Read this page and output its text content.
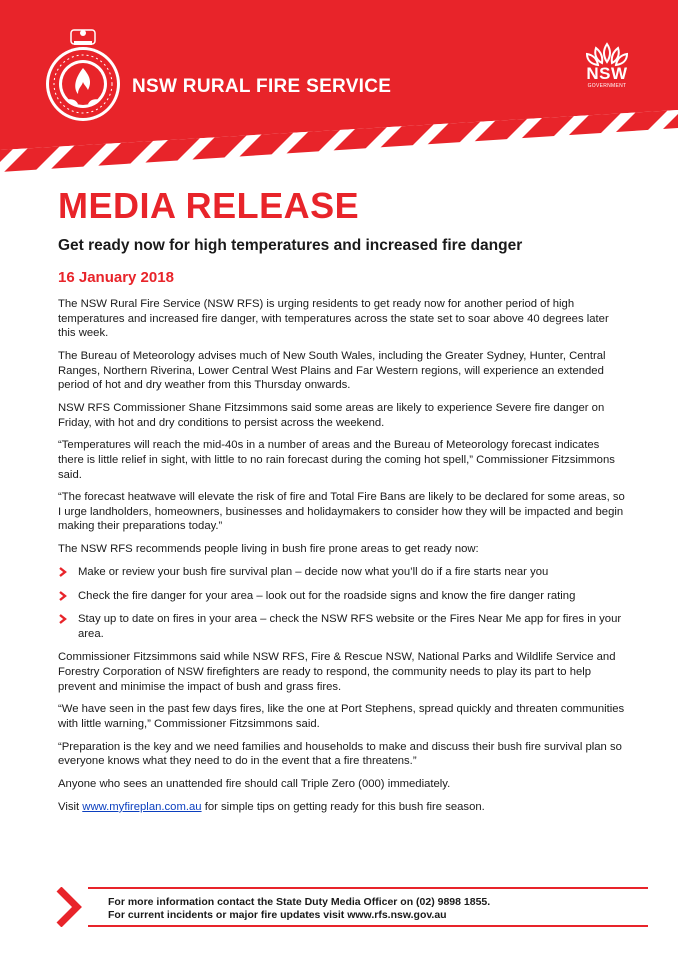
NSW RURAL FIRE SERVICE
NSW
GOVERNMENT
MEDIA RELEASE
Get ready now for high temperatures and increased fire danger
16 January 2018

The NSW Rural Fire Service (NSW RFS) is urging residents to get ready now for another period of high temperatures and increased fire danger, with temperatures across the state set to soar above 40 degrees later this week.

The Bureau of Meteorology advises much of New South Wales, including the Greater Sydney, Hunter, Central Ranges, Northern Riverina, Lower Central West Plains and Far Western regions, will experience an extended period of hot and dry weather from this Thursday onwards.

NSW RFS Commissioner Shane Fitzsimmons said some areas are likely to experience Severe fire danger on Friday, with hot and dry conditions to persist across the weekend.

“Temperatures will reach the mid-40s in a number of areas and the Bureau of Meteorology forecast indicates there is little relief in sight, with little to no rain forecast during the coming hot spell,” Commissioner Fitzsimmons said.

“The forecast heatwave will elevate the risk of fire and Total Fire Bans are likely to be declared for some areas, so I urge landholders, homeowners, businesses and holidaymakers to consider how they will be impacted and begin making their preparations today.”

The NSW RFS recommends people living in bush fire prone areas to get ready now:

Make or review your bush fire survival plan – decide now what you’ll do if a fire starts near you
Check the fire danger for your area – look out for the roadside signs and know the fire danger rating
Stay up to date on fires in your area – check the NSW RFS website or the Fires Near Me app for fires in your area.

Commissioner Fitzsimmons said while NSW RFS, Fire & Rescue NSW, National Parks and Wildlife Service and Forestry Corporation of NSW firefighters are ready to respond, the community needs to play its part to help prevent and minimise the impact of bush and grass fires.

“We have seen in the past few days fires, like the one at Port Stephens, spread quickly and threaten communities with little warning,” Commissioner Fitzsimmons said.

“Preparation is the key and we need families and households to make and discuss their bush fire survival plan so everyone knows what they need to do in the event that a fire threatens.”

Anyone who sees an unattended fire should call Triple Zero (000) immediately.

Visit www.myfireplan.com.au for simple tips on getting ready for this bush fire season.

For more information contact the State Duty Media Officer on (02) 9898 1855.
For current incidents or major fire updates visit www.rfs.nsw.gov.au
